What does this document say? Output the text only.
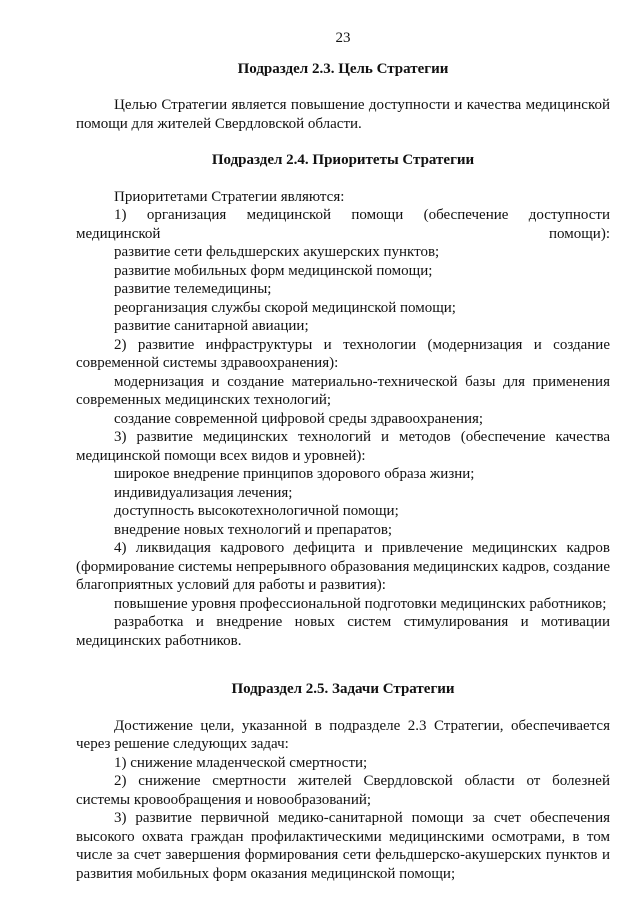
23
Подраздел 2.3. Цель Стратегии

Целью Стратегии является повышение доступности и качества медицинской помощи для жителей Свердловской области.

Подраздел 2.4. Приоритеты Стратегии

Приоритетами Стратегии являются:

1) организация медицинской помощи (обеспечение доступности медицинской помощи):

развитие сети фельдшерских акушерских пунктов;

развитие мобильных форм медицинской помощи;

развитие телемедицины;

реорганизация службы скорой медицинской помощи;

развитие санитарной авиации;

2) развитие инфраструктуры и технологии (модернизация и создание современной системы здравоохранения):

модернизация и создание материально-технической базы для применения современных медицинских технологий;

создание современной цифровой среды здравоохранения;

3) развитие медицинских технологий и методов (обеспечение качества медицинской помощи всех видов и уровней):

широкое внедрение принципов здорового образа жизни;

индивидуализация лечения;

доступность высокотехнологичной помощи;

внедрение новых технологий и препаратов;

4) ликвидация кадрового дефицита и привлечение медицинских кадров (формирование системы непрерывного образования медицинских кадров, создание благоприятных условий для работы и развития):

повышение уровня профессиональной подготовки медицинских работников;

разработка и внедрение новых систем стимулирования и мотивации медицинских работников.

Подраздел 2.5. Задачи Стратегии

Достижение цели, указанной в подразделе 2.3 Стратегии, обеспечивается через решение следующих задач:

1) снижение младенческой смертности;

2) снижение смертности жителей Свердловской области от болезней системы кровообращения и новообразований;

3) развитие первичной медико-санитарной помощи за счет обеспечения высокого охвата граждан профилактическими медицинскими осмотрами, в том числе за счет завершения формирования сети фельдшерско-акушерских пунктов и развития мобильных форм оказания медицинской помощи;
